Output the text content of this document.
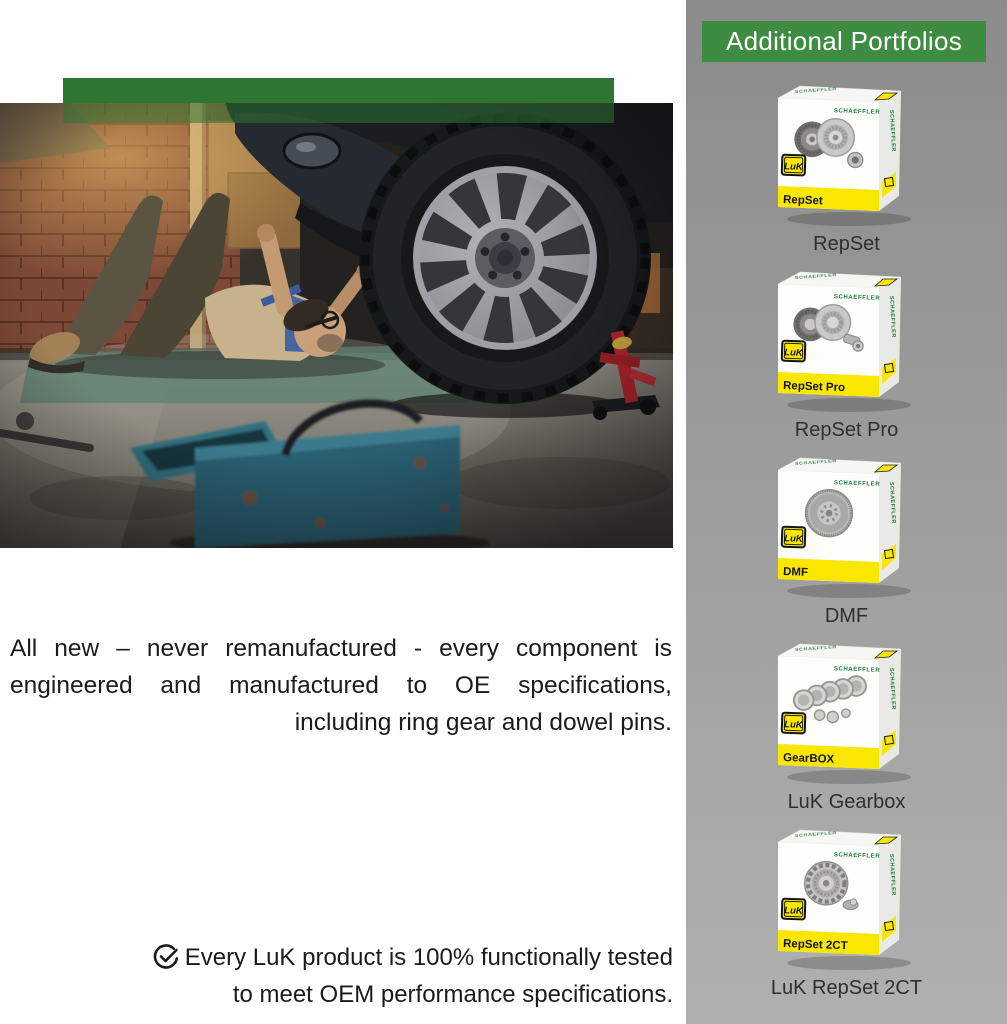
All new – never remanufactured - every component is
engineered and manufactured to OE specifications,
including ring gear and dowel pins.

Every LuK product is 100% functionally tested
to meet OEM performance specifications.
Additional Portfolios
SCHAEFFLER SCHAEFFLER
SCHAEFFLER
LuK
RepSet
RepSet
SCHAEFFLER SCHAEFFLER
SCHAEFFLER
LuK
RepSet Pro
RepSet Pro
SCHAEFFLER SCHAEFFLER
SCHAEFFLER
LuK
DMF
DMF
SCHAEFFLER SCHAEFFLER
SCHAEFFLER
LuK
GearBOX
LuK Gearbox
SCHAEFFLER SCHAEFFLER
SCHAEFFLER
LuK
RepSet 2CT
LuK RepSet 2CT
